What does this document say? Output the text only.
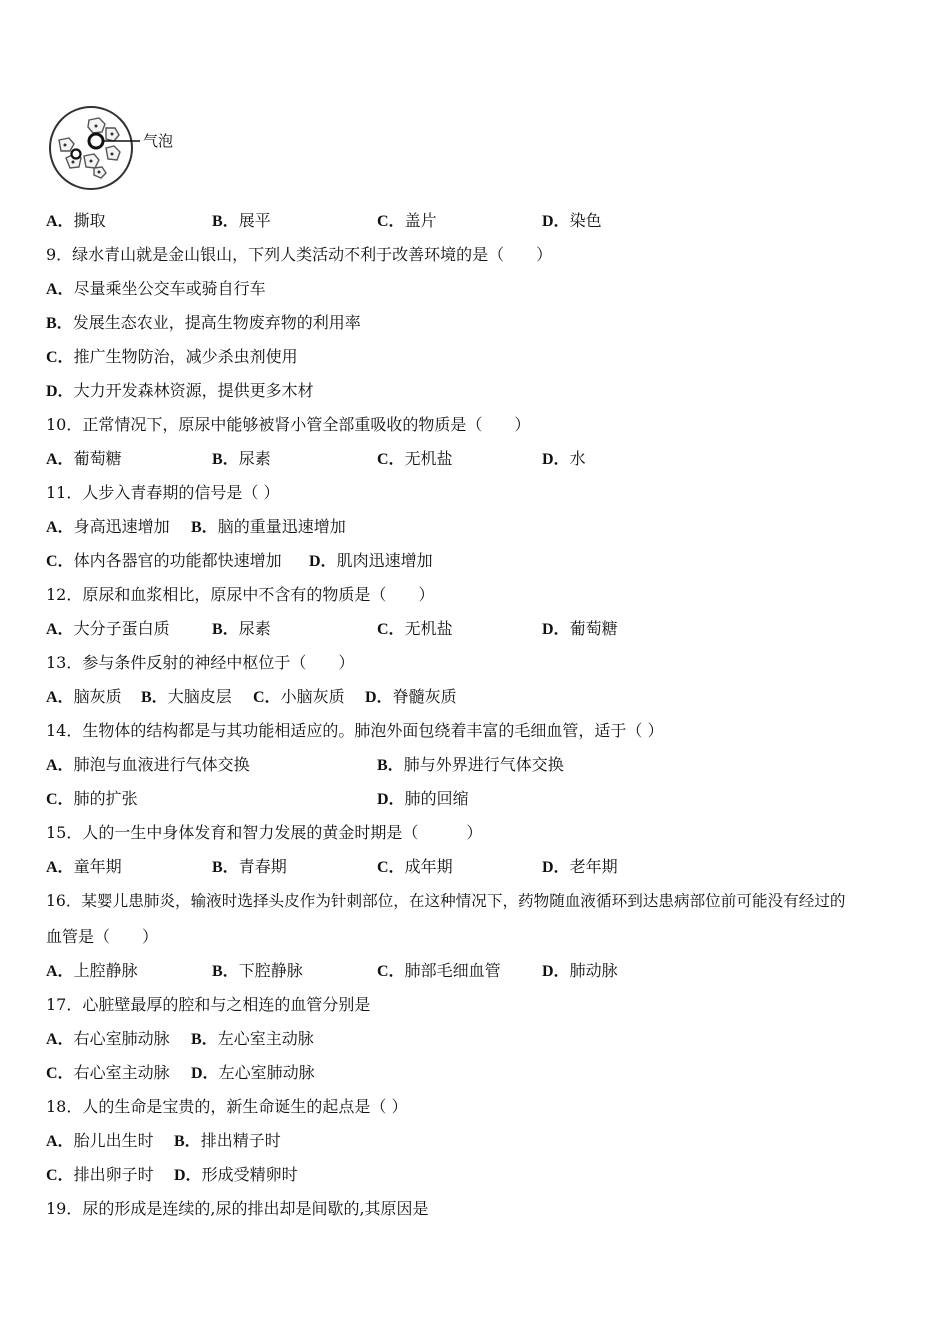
气泡
A．撕取	B．展平	C．盖片	D．染色
9．绿水青山就是金山银山，下列人类活动不利于改善环境的是（　　）
A．尽量乘坐公交车或骑自行车
B．发展生态农业，提高生物废弃物的利用率
C．推广生物防治，减少杀虫剂使用
D．大力开发森林资源，提供更多木材
10．正常情况下，原尿中能够被肾小管全部重吸收的物质是（　　）
A．葡萄糖	B．尿素	C．无机盐	D．水
11．人步入青春期的信号是（ ）
A．身高迅速增加 B．脑的重量迅速增加
C．体内各器官的功能都快速增加 D．肌肉迅速增加
12．原尿和血浆相比，原尿中不含有的物质是（　　）
A．大分子蛋白质	B．尿素	C．无机盐	D．葡萄糖
13．参与条件反射的神经中枢位于（　　）
A．脑灰质 B．大脑皮层 C．小脑灰质 D．脊髓灰质
14．生物体的结构都是与其功能相适应的。肺泡外面包绕着丰富的毛细血管，适于（ ）
A．肺泡与血液进行气体交换	B．肺与外界进行气体交换
C．肺的扩张	D．肺的回缩
15．人的一生中身体发育和智力发展的黄金时期是（　　　）
A．童年期	B．青春期	C．成年期	D．老年期
16．某婴儿患肺炎，输液时选择头皮作为针刺部位，在这种情况下，药物随血液循环到达患病部位前可能没有经过的
血管是（　　）
A．上腔静脉	B．下腔静脉	C．肺部毛细血管	D．肺动脉
17．心脏壁最厚的腔和与之相连的血管分别是
A．右心室肺动脉 B．左心室主动脉
C．右心室主动脉 D．左心室肺动脉
18．人的生命是宝贵的，新生命诞生的起点是（ ）
A．胎儿出生时 B．排出精子时
C．排出卵子时 D．形成受精卵时
19．尿的形成是连续的,尿的排出却是间歇的,其原因是
